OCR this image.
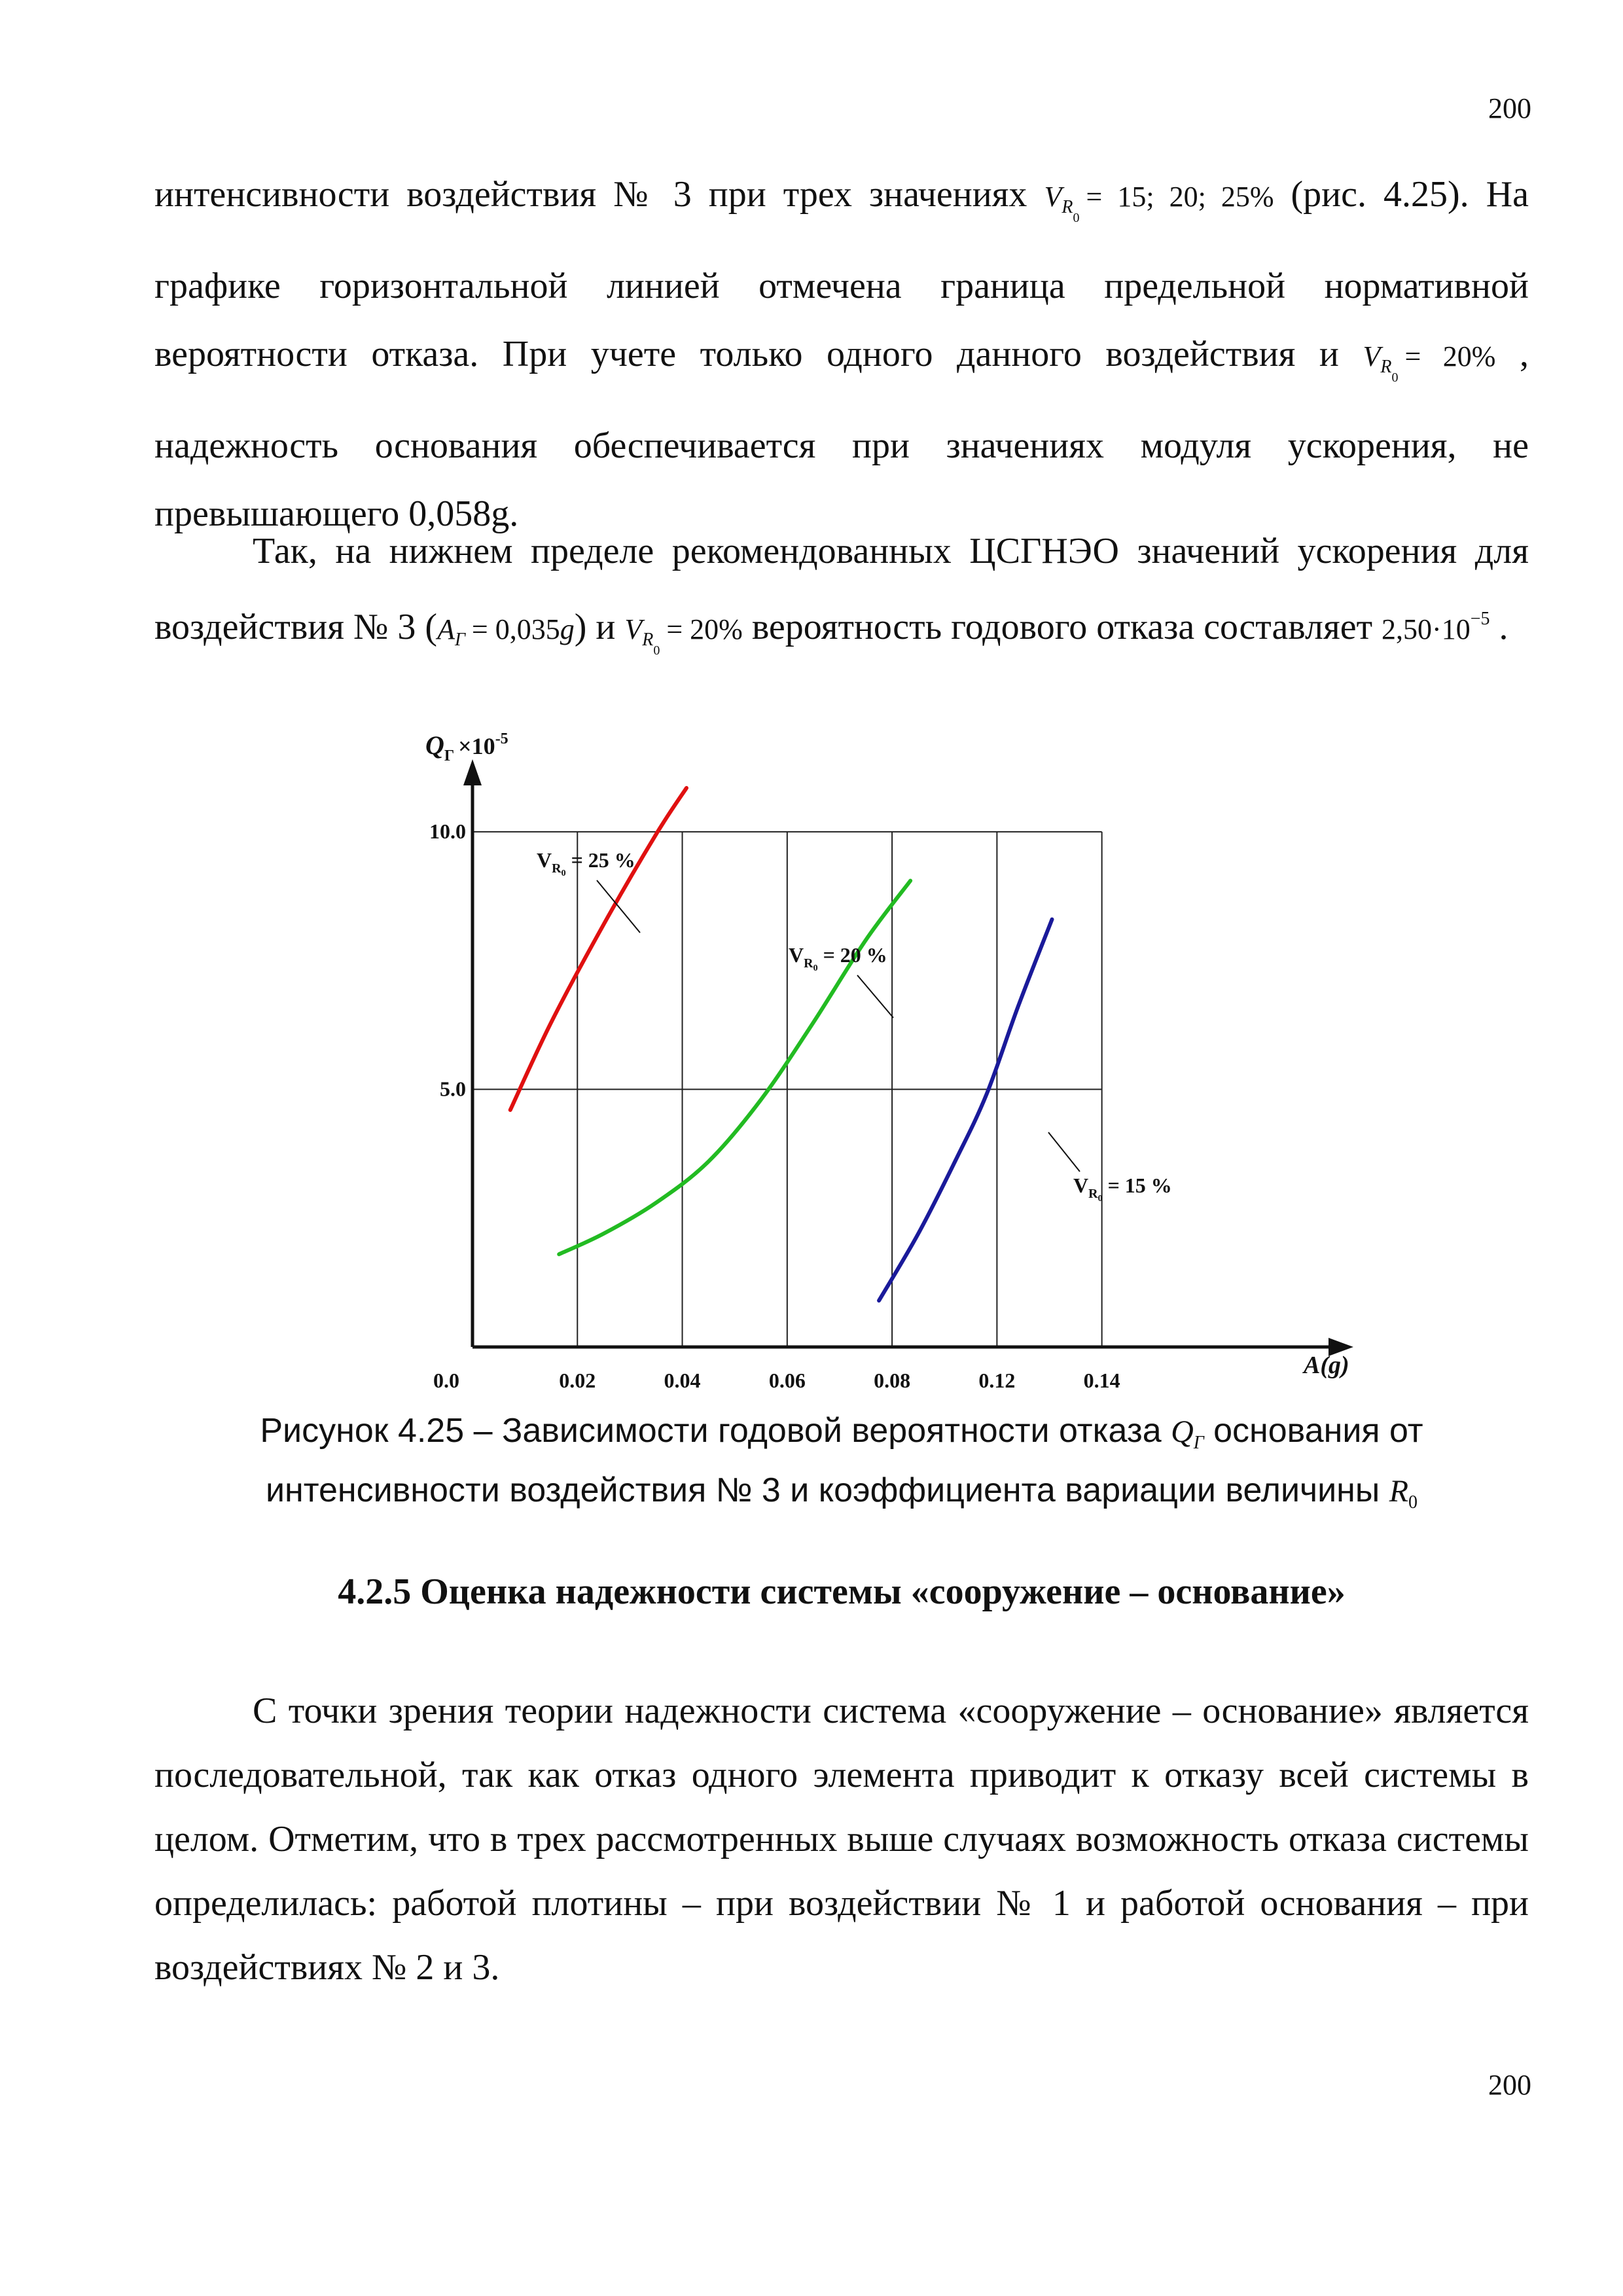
200
интенсивности воздействия № 3 при трех значениях $V_{R_0}= 15$; 20; 25% (рис. 4.25). На графике горизонтальной линией отмечена граница предельной нормативной вероятности отказа. При учете только одного данного воздействия и $V_{R_0}= 20\%$ , надежность основания обеспечивается при значениях модуля ускорения, не превышающего 0,058g.
Так, на нижнем пределе рекомендованных ЦСГНЭО значений ускорения для воздействия № 3 $(A_Г = 0,035g)$ и $V_{R_0}= 20\%$ вероятность годового отказа составляет $2,50\cdot 10^{-5}$ .
0.0	0.02	0.04	0.06	0.08	0.12	0.14
5.0
10.0
$Q_Г \times 10^{-5}$
A(g)
$V_R0 = 25$ %
$V_R0 = 20$ %
$V_R0 = 15$ %
Рисунок 4.25 – Зависимости годовой вероятности отказа $Q_Г$ основания от
интенсивности воздействия № 3 и коэффициента вариации величины $R_0$
4.2.5 Оценка надежности системы «сооружение – основание»
С точки зрения теории надежности система «сооружение – основание» является последовательной, так как отказ одного элемента приводит к отказу всей системы в целом. Отметим, что в трех рассмотренных выше случаях возможность отказа системы определилась: работой плотины – при воздействии № 1 и работой основания – при воздействиях № 2 и 3.
200
